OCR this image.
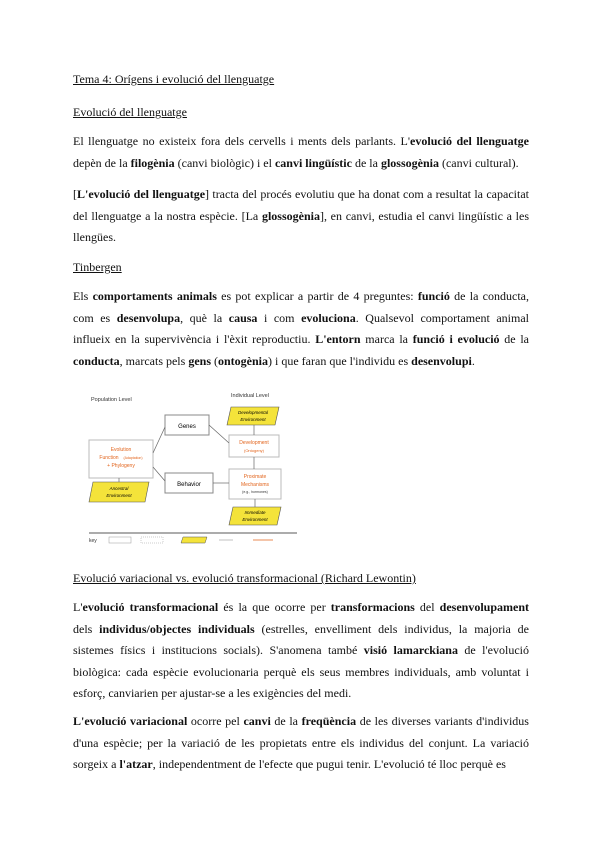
Tema 4: Orígens i evolució del llenguatge
Evolució del llenguatge

El llenguatge no existeix fora dels cervells i ments dels parlants. L'evolució del llenguatge depèn de la filogènia (canvi biològic) i el canvi lingüístic de la glossogènia (canvi cultural).

[L'evolució del llenguatge] tracta del procés evolutiu que ha donat com a resultat la capacitat del llenguatge a la nostra espècie. [La glossogènia], en canvi, estudia el canvi lingüístic a les llengües.

Tinbergen

Els comportaments animals es pot explicar a partir de 4 preguntes: funció de la conducta, com es desenvolupa, què la causa i com evoluciona. Qualsevol comportament animal influeix en la supervivència i l'èxit reproductiu. L'entorn marca la funció i evolució de la conducta, marcats pels gens (ontogènia) i que faran que l'individu es desenvolupi.

Population Level
Individual Level
Genes
Evolution
Function (Adaptation)
+ Phylogeny
Ancestral
Environment
Behavior
Developmental
Environment
Development
(Ontogeny)
Proximate
Mechanisms
(e.g., hormones)
Immediate
Environment
key
Evolució variacional vs. evolució transformacional (Richard Lewontin)

L'evolució transformacional és la que ocorre per transformacions del desenvolupament dels individus/objectes individuals (estrelles, envelliment dels individus, la majoria de sistemes físics i institucions socials). S'anomena també visió lamarckiana de l'evolució biològica: cada espècie evolucionaria perquè els seus membres individuals, amb voluntat i esforç, canviarien per ajustar-se a les exigències del medi.

L'evolució variacional ocorre pel canvi de la freqüència de les diverses variants d'individus d'una espècie; per la variació de les propietats entre els individus del conjunt. La variació sorgeix a l'atzar, independentment de l'efecte que pugui tenir. L'evolució té lloc perquè es
